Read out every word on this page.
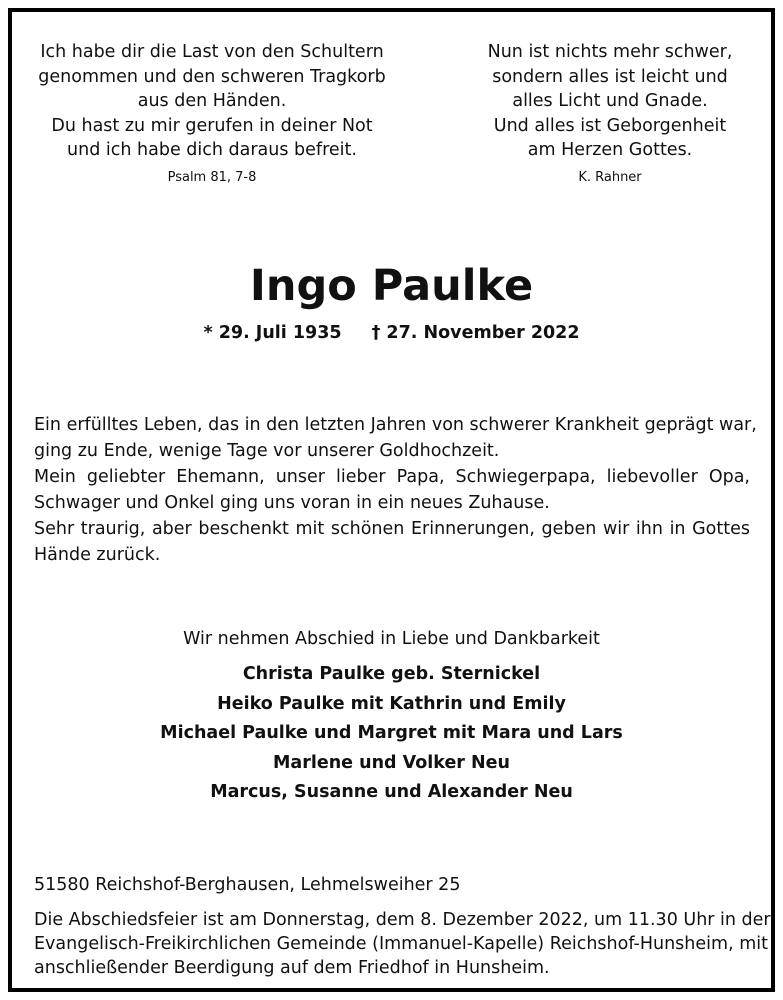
Ich habe dir die Last von den Schultern
genommen und den schweren Tragkorb
aus den Händen.
Du hast zu mir gerufen in deiner Not
und ich habe dich daraus befreit.
Psalm 81, 7-8
Nun ist nichts mehr schwer,
sondern alles ist leicht und
alles Licht und Gnade.
Und alles ist Geborgenheit
am Herzen Gottes.
K. Rahner
Ingo Paulke
* 29. Juli 1935 † 27. November 2022
Ein erfülltes Leben, das in den letzten Jahren von schwerer Krankheit geprägt war,
ging zu Ende, wenige Tage vor unserer Goldhochzeit.
Mein geliebter Ehemann, unser lieber Papa, Schwiegerpapa, liebevoller Opa,
Schwager und Onkel ging uns voran in ein neues Zuhause.
Sehr traurig, aber beschenkt mit schönen Erinnerungen, geben wir ihn in Gottes
Hände zurück.
Wir nehmen Abschied in Liebe und Dankbarkeit
Christa Paulke geb. Sternickel
Heiko Paulke mit Kathrin und Emily
Michael Paulke und Margret mit Mara und Lars
Marlene und Volker Neu
Marcus, Susanne und Alexander Neu
51580 Reichshof-Berghausen, Lehmelsweiher 25
Die Abschiedsfeier ist am Donnerstag, dem 8. Dezember 2022, um 11.30 Uhr in der
Evangelisch-Freikirchlichen Gemeinde (Immanuel-Kapelle) Reichshof-Hunsheim, mit
anschließender Beerdigung auf dem Friedhof in Hunsheim.
